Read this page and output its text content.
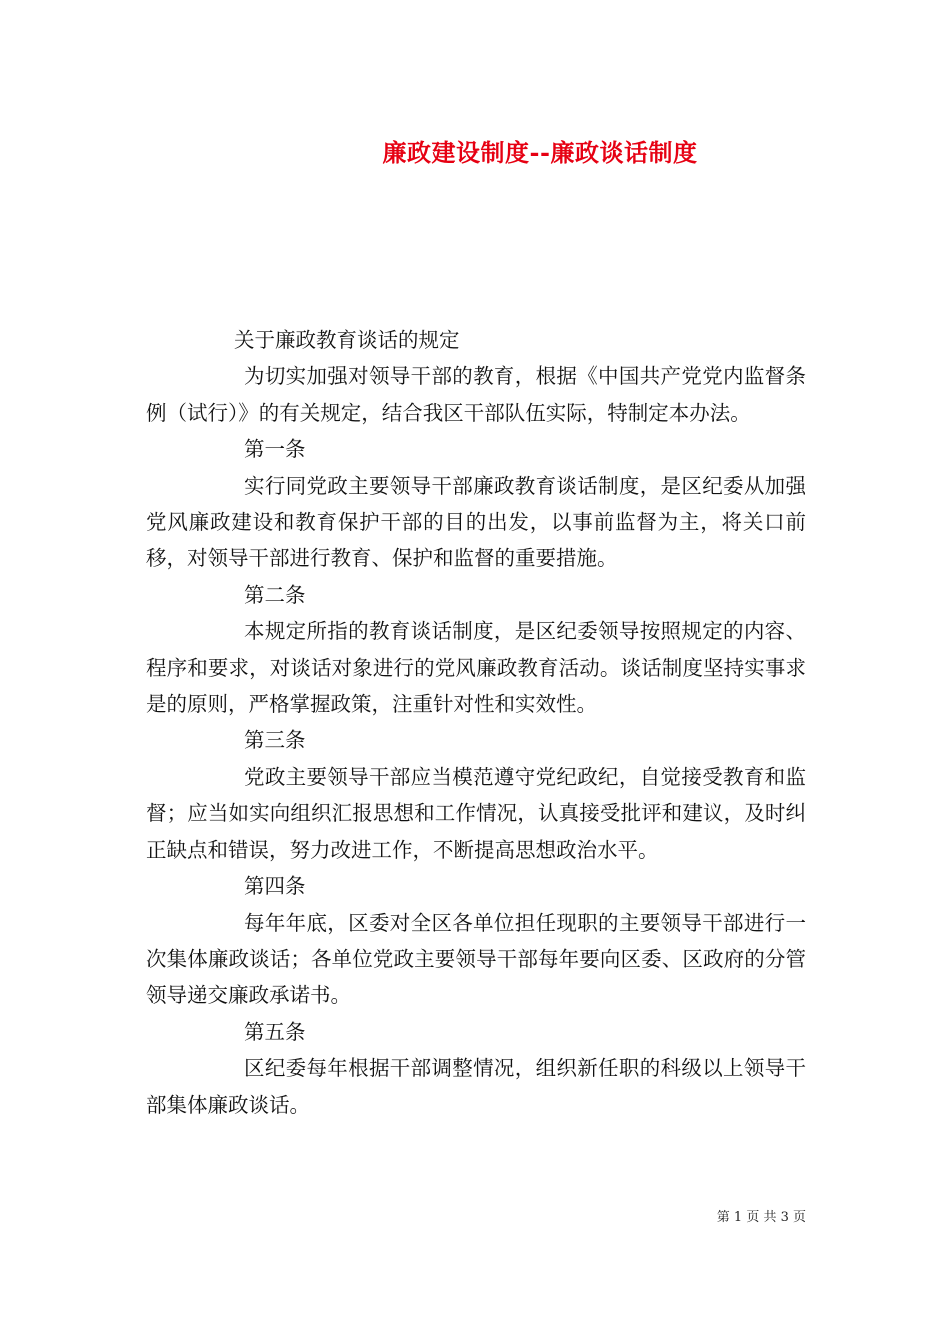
廉政建设制度--廉政谈话制度

关于廉政教育谈话的规定

为切实加强对领导干部的教育，根据《中国共产党党内监督条例（试行）》的有关规定，结合我区干部队伍实际，特制定本办法。

第一条

实行同党政主要领导干部廉政教育谈话制度，是区纪委从加强党风廉政建设和教育保护干部的目的出发，以事前监督为主，将关口前移，对领导干部进行教育、保护和监督的重要措施。

第二条

本规定所指的教育谈话制度，是区纪委领导按照规定的内容、程序和要求，对谈话对象进行的党风廉政教育活动。谈话制度坚持实事求是的原则，严格掌握政策，注重针对性和实效性。

第三条

党政主要领导干部应当模范遵守党纪政纪，自觉接受教育和监督；应当如实向组织汇报思想和工作情况，认真接受批评和建议，及时纠正缺点和错误，努力改进工作，不断提高思想政治水平。

第四条

每年年底，区委对全区各单位担任现职的主要领导干部进行一次集体廉政谈话；各单位党政主要领导干部每年要向区委、区政府的分管领导递交廉政承诺书。

第五条

区纪委每年根据干部调整情况，组织新任职的科级以上领导干部集体廉政谈话。

第 1 页 共 3 页
